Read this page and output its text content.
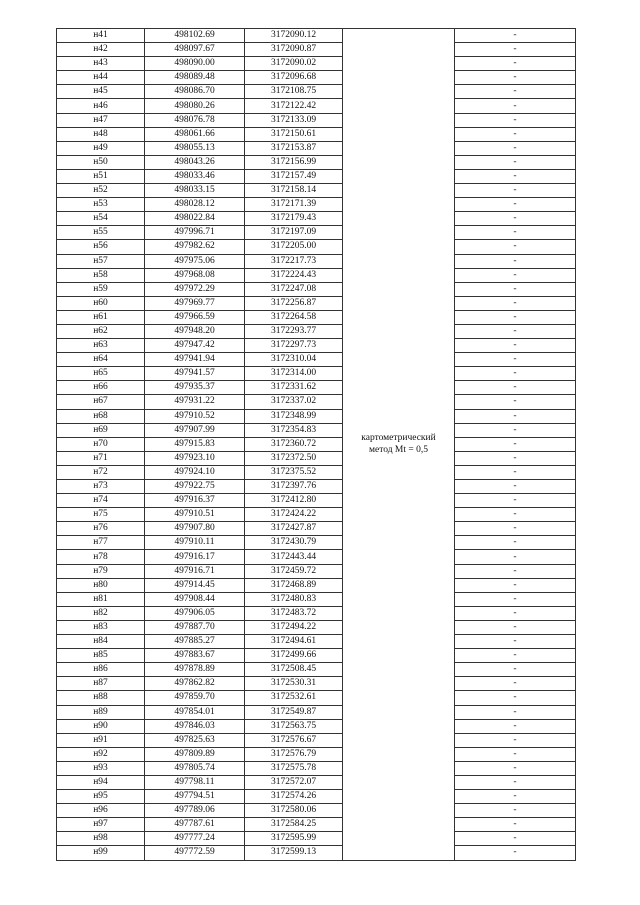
н41	498102.69	3172090.12	картометрический
метод Mt = 0,5	-
н42	498097.67	3172090.87		-
н43	498090.00	3172090.02		-
н44	498089.48	3172096.68		-
н45	498086.70	3172108.75		-
н46	498080.26	3172122.42		-
н47	498076.78	3172133.09		-
н48	498061.66	3172150.61		-
н49	498055.13	3172153.87		-
н50	498043.26	3172156.99		-
н51	498033.46	3172157.49		-
н52	498033.15	3172158.14		-
н53	498028.12	3172171.39		-
н54	498022.84	3172179.43		-
н55	497996.71	3172197.09		-
н56	497982.62	3172205.00		-
н57	497975.06	3172217.73		-
н58	497968.08	3172224.43		-
н59	497972.29	3172247.08		-
н60	497969.77	3172256.87		-
н61	497966.59	3172264.58		-
н62	497948.20	3172293.77		-
н63	497947.42	3172297.73		-
н64	497941.94	3172310.04		-
н65	497941.57	3172314.00		-
н66	497935.37	3172331.62		-
н67	497931.22	3172337.02		-
н68	497910.52	3172348.99		-
н69	497907.99	3172354.83		-
н70	497915.83	3172360.72		-
н71	497923.10	3172372.50		-
н72	497924.10	3172375.52		-
н73	497922.75	3172397.76		-
н74	497916.37	3172412.80		-
н75	497910.51	3172424.22		-
н76	497907.80	3172427.87		-
н77	497910.11	3172430.79		-
н78	497916.17	3172443.44		-
н79	497916.71	3172459.72		-
н80	497914.45	3172468.89		-
н81	497908.44	3172480.83		-
н82	497906.05	3172483.72		-
н83	497887.70	3172494.22		-
н84	497885.27	3172494.61		-
н85	497883.67	3172499.66		-
н86	497878.89	3172508.45		-
н87	497862.82	3172530.31		-
н88	497859.70	3172532.61		-
н89	497854.01	3172549.87		-
н90	497846.03	3172563.75		-
н91	497825.63	3172576.67		-
н92	497809.89	3172576.79		-
н93	497805.74	3172575.78		-
н94	497798.11	3172572.07		-
н95	497794.51	3172574.26		-
н96	497789.06	3172580.06		-
н97	497787.61	3172584.25		-
н98	497777.24	3172595.99		-
н99	497772.59	3172599.13		-
